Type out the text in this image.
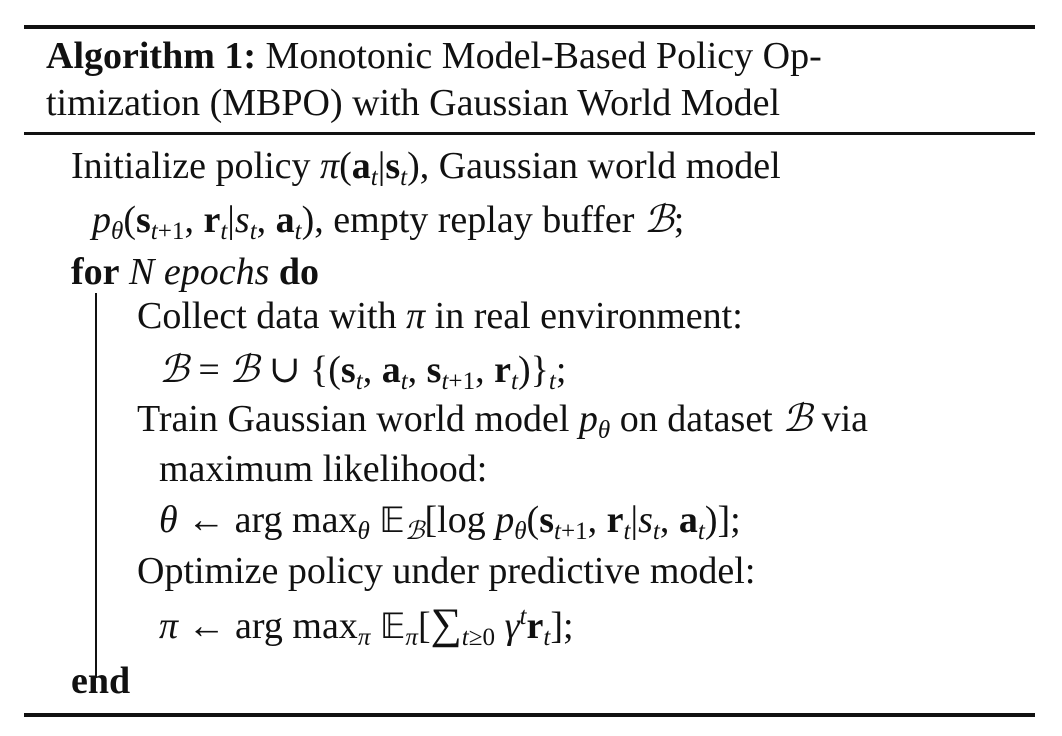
Algorithm 1: Monotonic Model-Based Policy Op-
timization (MBPO) with Gaussian World Model
Initialize policy $\pi(a_t|s_t)$, Gaussian world model
$p_\theta(s_{t+1}$, $r_t|s_t$, $a_t$), empty replay buffer ℬ;
for N epochs do
Collect data with π in real environment:
ℬ = ℬ ∪ {($s_t$, $a_t$, $s_{t+1}$, $r_t)\}_t$;
Train Gaussian world model $p_\theta$ on dataset ℬ via
maximum likelihood:
θ ← arg $\max_\theta$ 𝔼$_ℬ$[log $p_\theta(s_{t+1}$, $r_t|s_t$, $a_t$)];
Optimize policy under predictive model:
π ← arg $\max_\pi$ $𝔼_\pi[\sum_{t\ge 0}$ $\gamma^tr_t$];
end
